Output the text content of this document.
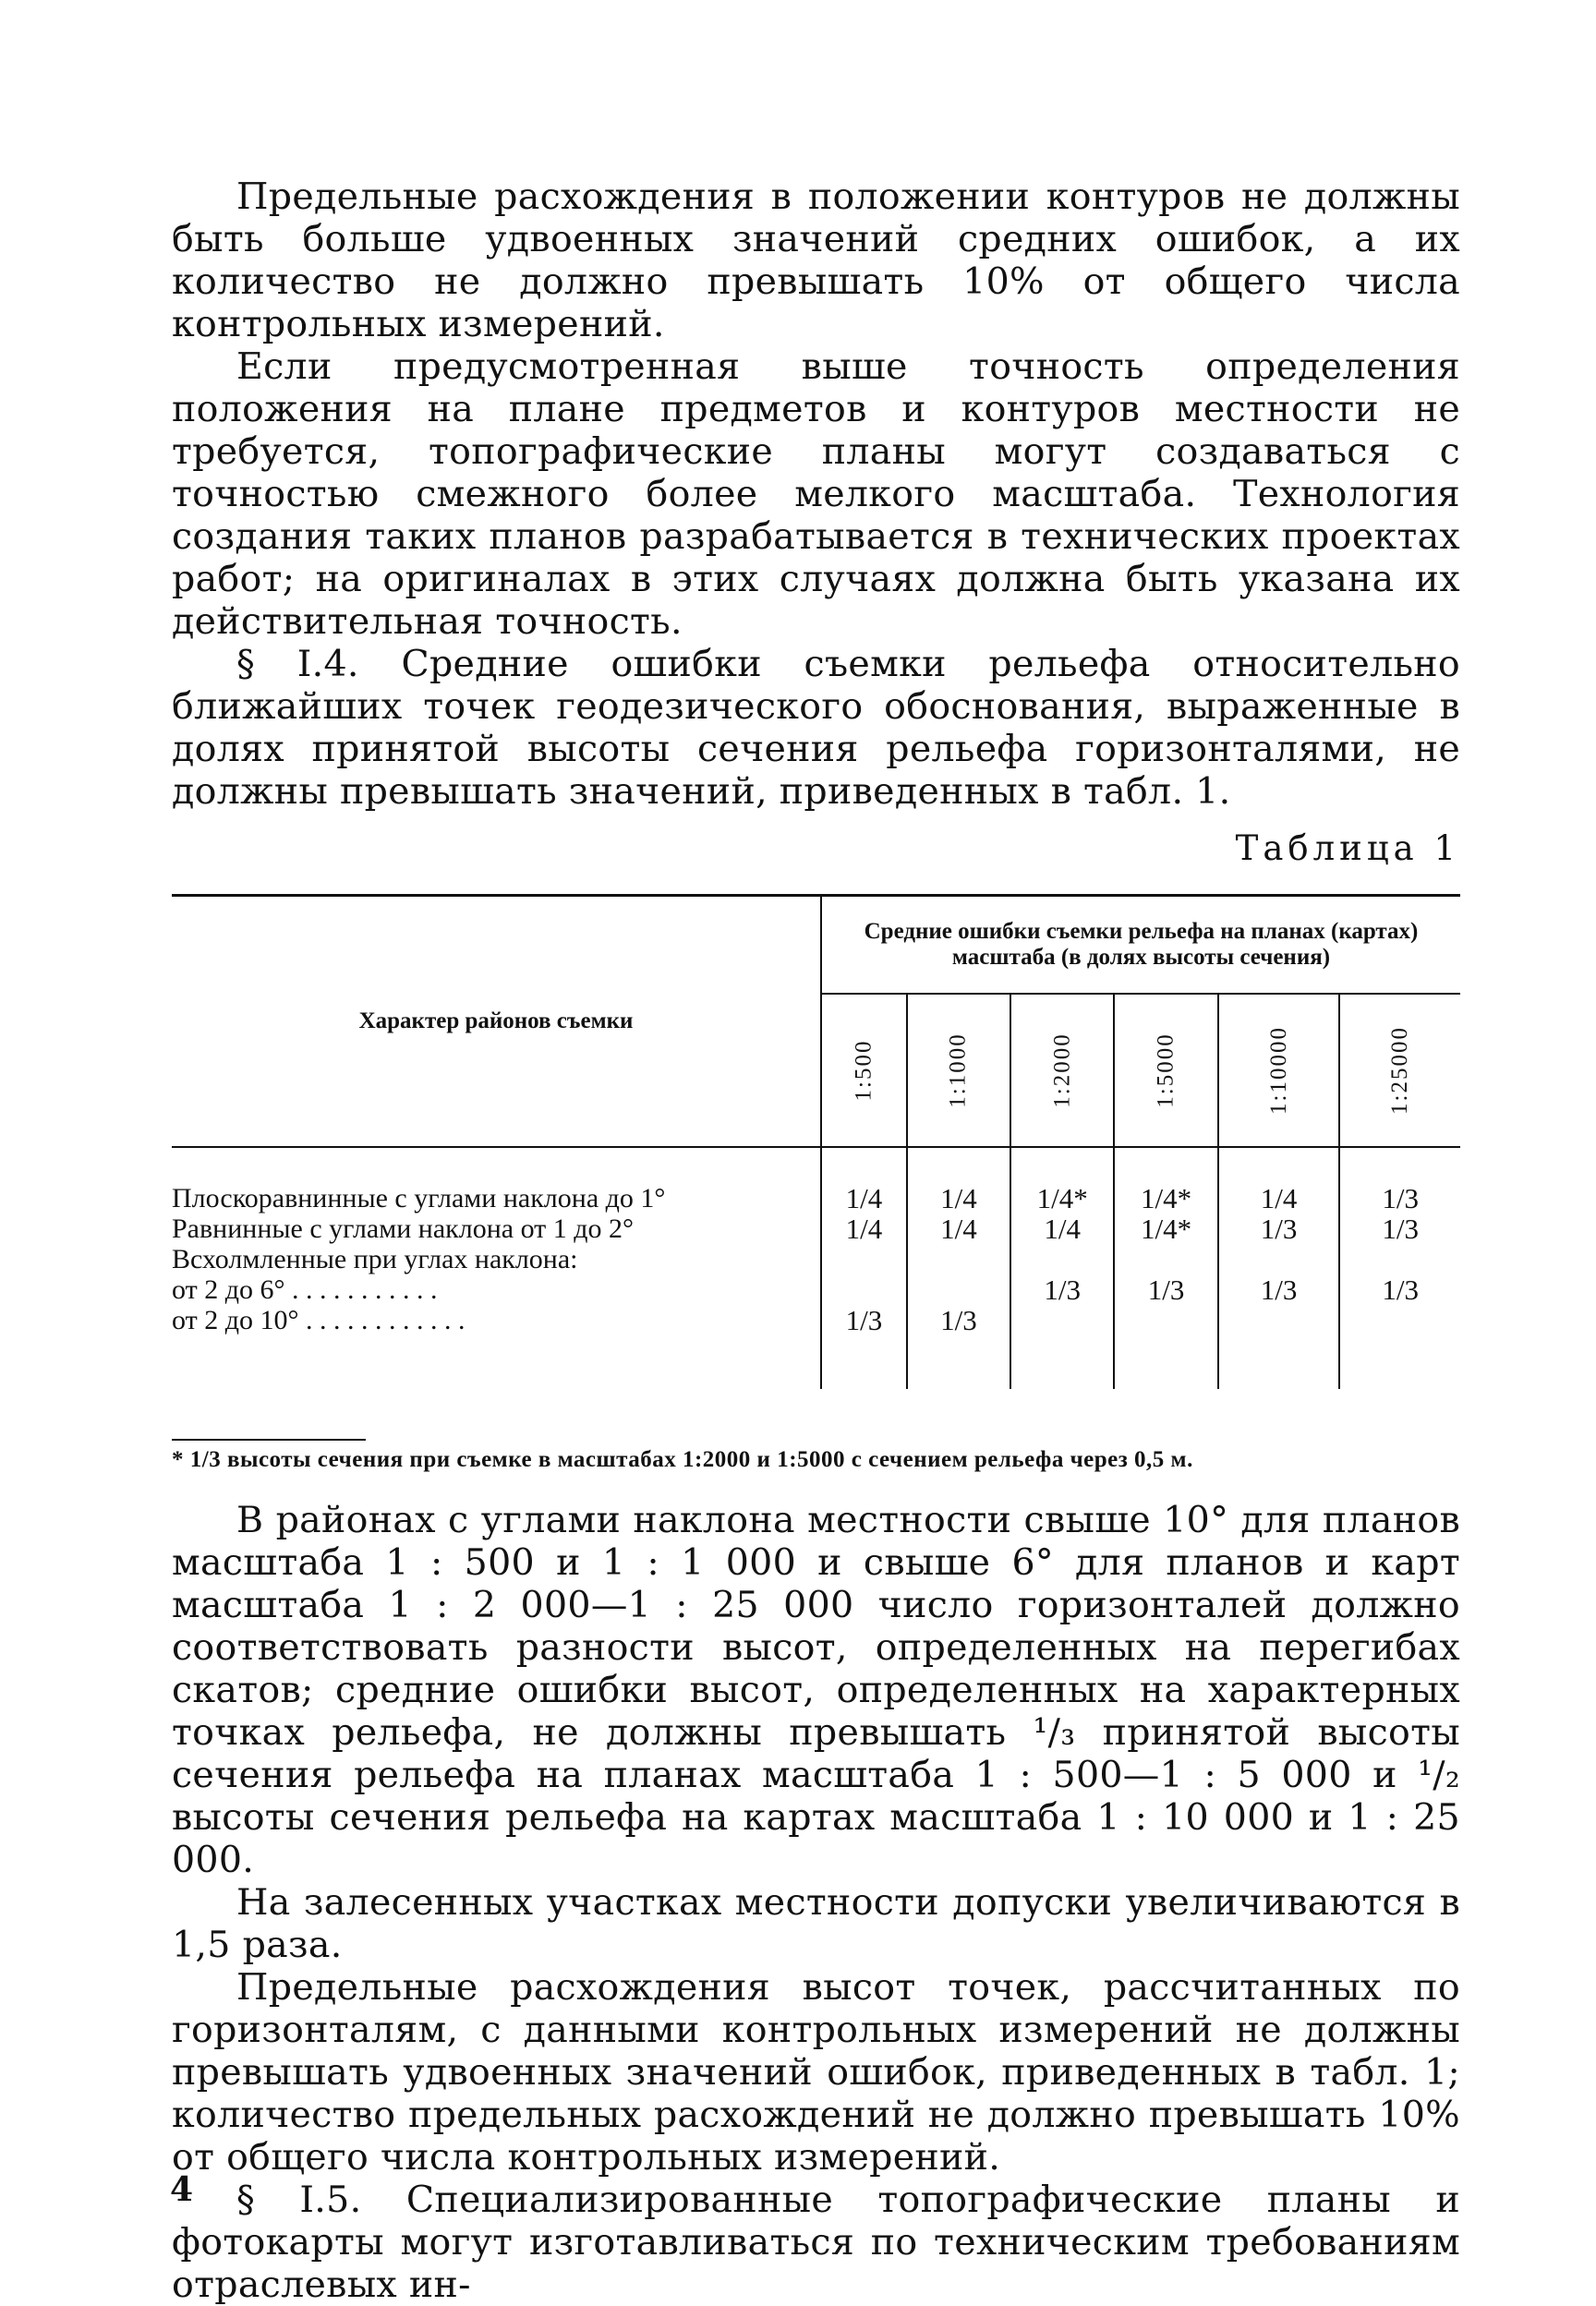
Предельные расхождения в положении контуров не должны быть больше удвоенных значений средних ошибок, а их количество не должно превышать 10% от общего числа контрольных измерений.

Если предусмотренная выше точность определения положения на плане предметов и контуров местности не требуется, топографические планы могут создаваться с точностью смежного более мелкого масштаба. Технология создания таких планов разрабатывается в технических проектах работ; на оригиналах в этих случаях должна быть указана их действительная точность.

§ I.4. Средние ошибки съемки рельефа относительно ближайших точек геодезического обоснования, выраженные в долях принятой высоты сечения рельефа горизонталями, не должны превышать значений, приведенных в табл. 1.

Таблица 1
Характер районов съемки	Средние ошибки съемки рельефа на планах (картах) масштаба (в долях высоты сечения)					
	1:500	1:1000	1:2000	1:5000	1:10000	1:25000
Плоскоравнинные с углами наклона до 1°	1/4	1/4	1/4*	1/4*	1/4	1/3
Равнинные с углами наклона от 1 до 2°	1/4	1/4	1/4	1/4*	1/3	1/3
Всхолмленные при углах наклона:						
от 2 до 6° . . . . . . . . . . .			1/3	1/3	1/3	1/3
от 2 до 10° . . . . . . . . . . . .	1/3	1/3				

* 1/3 высоты сечения при съемке в масштабах 1:2000 и 1:5000 с сечением рельефа через 0,5 м.

В районах с углами наклона местности свыше 10° для планов масштаба 1 : 500 и 1 : 1 000 и свыше 6° для планов и карт масштаба 1 : 2 000—1 : 25 000 число горизонталей должно соответствовать разности высот, определенных на перегибах скатов; средние ошибки высот, определенных на характерных точках рельефа, не должны превышать ¹/₃ принятой высоты сечения рельефа на планах масштаба 1 : 500—1 : 5 000 и ¹/₂ высоты сечения рельефа на картах масштаба 1 : 10 000 и 1 : 25 000.

На залесенных участках местности допуски увеличиваются в 1,5 раза.

Предельные расхождения высот точек, рассчитанных по горизонталям, с данными контрольных измерений не должны превышать удвоенных значений ошибок, приведенных в табл. 1; количество предельных расхождений не должно превышать 10% от общего числа контрольных измерений.

§ I.5. Специализированные топографические планы и фотокарты могут изготавливаться по техническим требованиям отраслевых ин-

4
